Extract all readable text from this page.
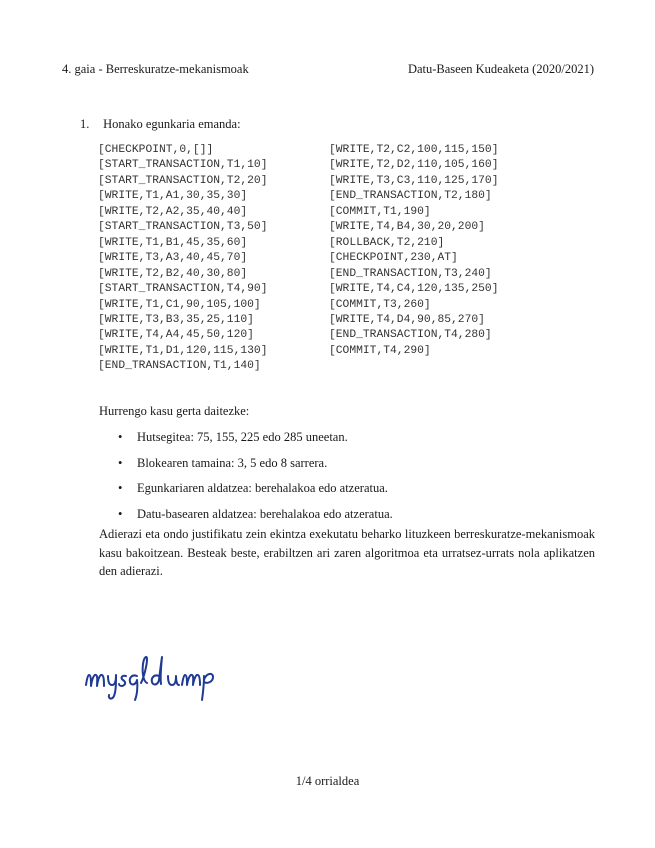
4. gaia - Berreskuratze-mekanismoak	Datu-Baseen Kudeaketa (2020/2021)
1. Honako egunkaria emanda:
[CHECKPOINT,0,[]]
[START_TRANSACTION,T1,10]
[START_TRANSACTION,T2,20]
[WRITE,T1,A1,30,35,30]
[WRITE,T2,A2,35,40,40]
[START_TRANSACTION,T3,50]
[WRITE,T1,B1,45,35,60]
[WRITE,T3,A3,40,45,70]
[WRITE,T2,B2,40,30,80]
[START_TRANSACTION,T4,90]
[WRITE,T1,C1,90,105,100]
[WRITE,T3,B3,35,25,110]
[WRITE,T4,A4,45,50,120]
[WRITE,T1,D1,120,115,130]
[END_TRANSACTION,T1,140]
[WRITE,T2,C2,100,115,150]
[WRITE,T2,D2,110,105,160]
[WRITE,T3,C3,110,125,170]
[END_TRANSACTION,T2,180]
[COMMIT,T1,190]
[WRITE,T4,B4,30,20,200]
[ROLLBACK,T2,210]
[CHECKPOINT,230,AT]
[END_TRANSACTION,T3,240]
[WRITE,T4,C4,120,135,250]
[COMMIT,T3,260]
[WRITE,T4,D4,90,85,270]
[END_TRANSACTION,T4,280]
[COMMIT,T4,290]
Hurrengo kasu gerta daitezke:
•	Hutsegitea: 75, 155, 225 edo 285 uneetan.
•	Blokearen tamaina: 3, 5 edo 8 sarrera.
•	Egunkariaren aldatzea: berehalakoa edo atzeratua.
•	Datu-basearen aldatzea: berehalakoa edo atzeratua.
Adierazi eta ondo justifikatu zein ekintza exekutatu beharko lituzkeen berreskuratze-mekanismoak kasu bakoitzean. Besteak beste, erabiltzen ari zaren algoritmoa eta urratsez-urrats nola aplikatzen den adierazi.
1/4 orrialdea
